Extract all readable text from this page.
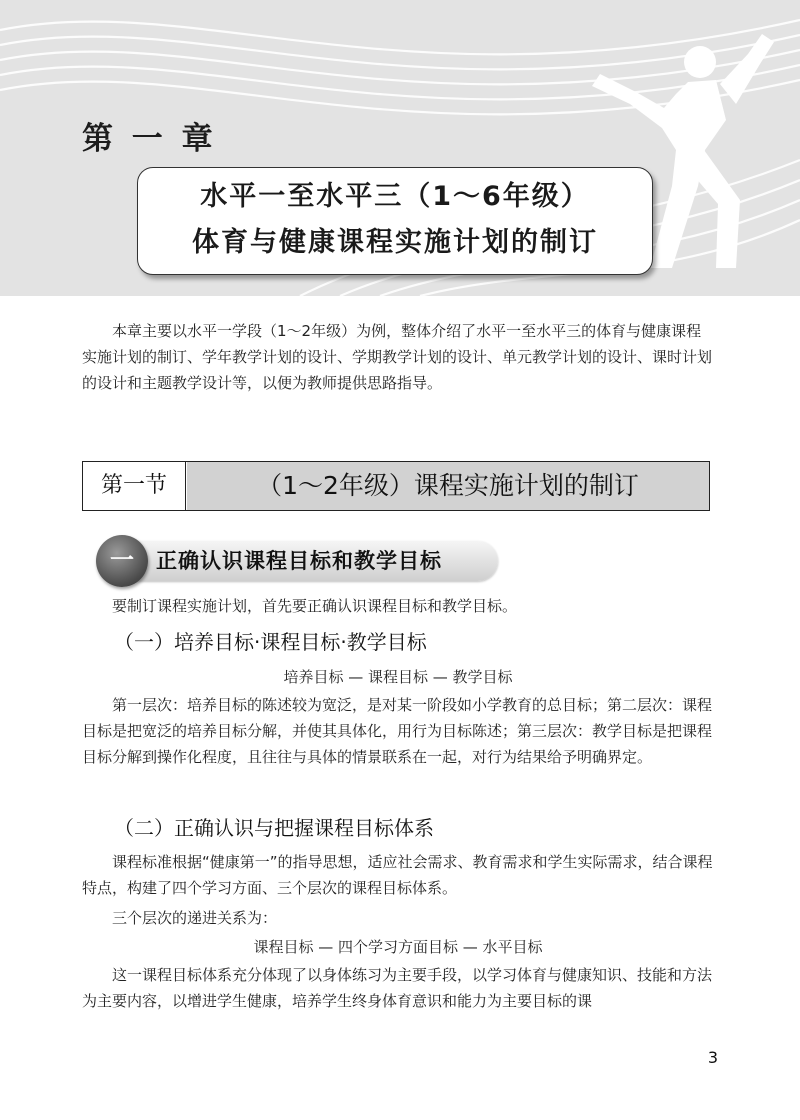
第 一 章
水平一至水平三（1～6年级）
体育与健康课程实施计划的制订
本章主要以水平一学段（1～2年级）为例，整体介绍了水平一至水平三的体育与健康课程实施计划的制订、学年教学计划的设计、学期教学计划的设计、单元教学计划的设计、课时计划的设计和主题教学设计等，以便为教师提供思路指导。
第一节	（1～2年级）课程实施计划的制订
一	正确认识课程目标和教学目标
要制订课程实施计划，首先要正确认识课程目标和教学目标。
（一）培养目标·课程目标·教学目标
培养目标 — 课程目标 — 教学目标
第一层次：培养目标的陈述较为宽泛，是对某一阶段如小学教育的总目标；第二层次：课程目标是把宽泛的培养目标分解，并使其具体化，用行为目标陈述；第三层次：教学目标是把课程目标分解到操作化程度，且往往与具体的情景联系在一起，对行为结果给予明确界定。
（二）正确认识与把握课程目标体系
课程标准根据“健康第一”的指导思想，适应社会需求、教育需求和学生实际需求，结合课程特点，构建了四个学习方面、三个层次的课程目标体系。
三个层次的递进关系为：
课程目标 — 四个学习方面目标 — 水平目标
这一课程目标体系充分体现了以身体练习为主要手段，以学习体育与健康知识、技能和方法为主要内容，以增进学生健康，培养学生终身体育意识和能力为主要目标的课
3
